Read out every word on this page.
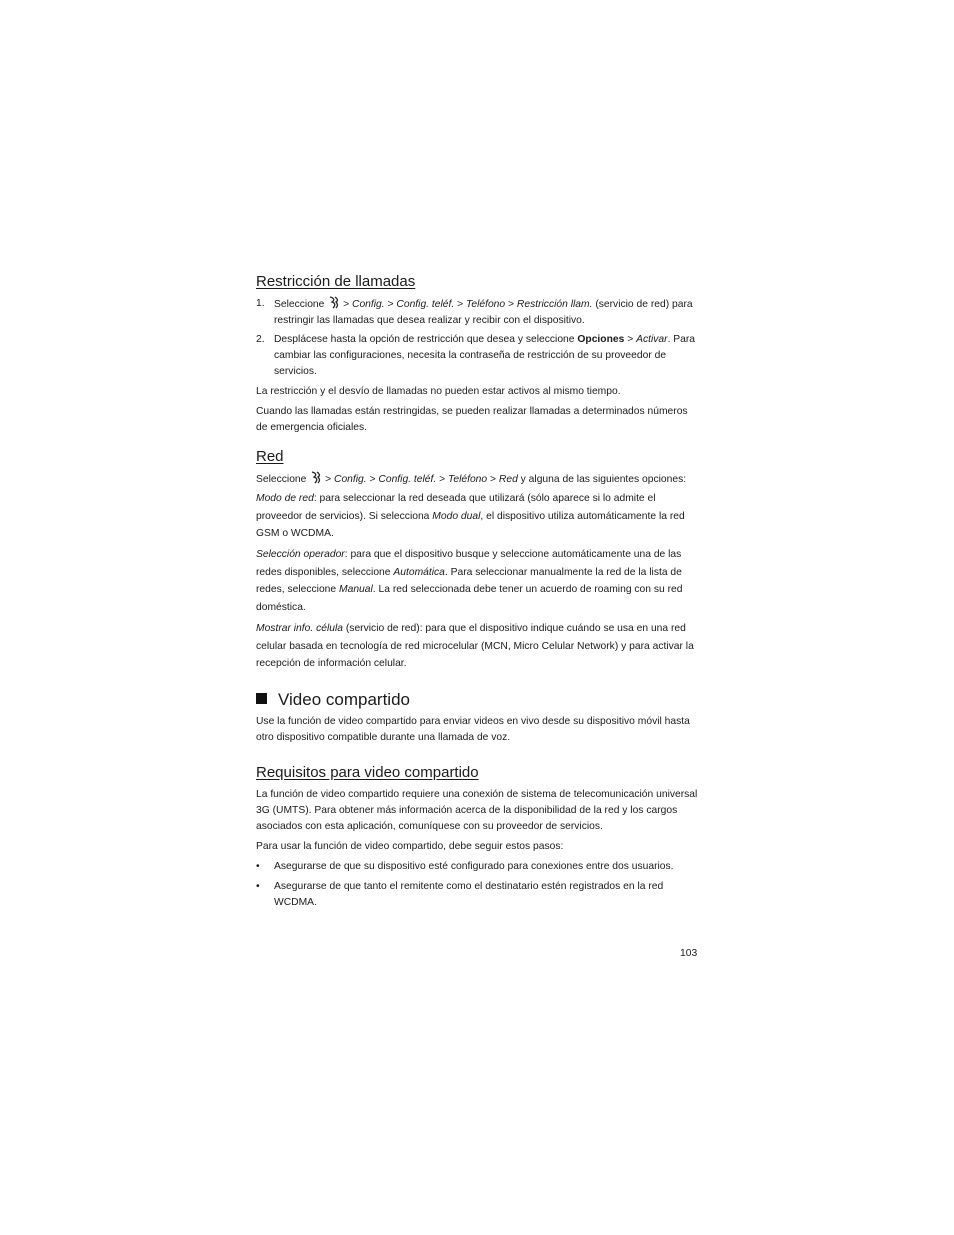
Restricción de llamadas
1. Seleccione > Config. > Config. teléf. > Teléfono > Restricción llam. (servicio de red) para restringir las llamadas que desea realizar y recibir con el dispositivo.
2. Desplácese hasta la opción de restricción que desea y seleccione Opciones > Activar. Para cambiar las configuraciones, necesita la contraseña de restricción de su proveedor de servicios.
La restricción y el desvío de llamadas no pueden estar activos al mismo tiempo.
Cuando las llamadas están restringidas, se pueden realizar llamadas a determinados números de emergencia oficiales.
Red
Seleccione > Config. > Config. teléf. > Teléfono > Red y alguna de las siguientes opciones:
Modo de red: para seleccionar la red deseada que utilizará (sólo aparece si lo admite el proveedor de servicios). Si selecciona Modo dual, el dispositivo utiliza automáticamente la red GSM o WCDMA.
Selección operador: para que el dispositivo busque y seleccione automáticamente una de las redes disponibles, seleccione Automática. Para seleccionar manualmente la red de la lista de redes, seleccione Manual. La red seleccionada debe tener un acuerdo de roaming con su red doméstica.
Mostrar info. célula (servicio de red): para que el dispositivo indique cuándo se usa en una red celular basada en tecnología de red microcelular (MCN, Micro Celular Network) y para activar la recepción de información celular.
Video compartido
Use la función de video compartido para enviar videos en vivo desde su dispositivo móvil hasta otro dispositivo compatible durante una llamada de voz.
Requisitos para video compartido
La función de video compartido requiere una conexión de sistema de telecomunicación universal 3G (UMTS). Para obtener más información acerca de la disponibilidad de la red y los cargos asociados con esta aplicación, comuníquese con su proveedor de servicios.
Para usar la función de video compartido, debe seguir estos pasos:
• Asegurarse de que su dispositivo esté configurado para conexiones entre dos usuarios.
• Asegurarse de que tanto el remitente como el destinatario estén registrados en la red WCDMA.
103
